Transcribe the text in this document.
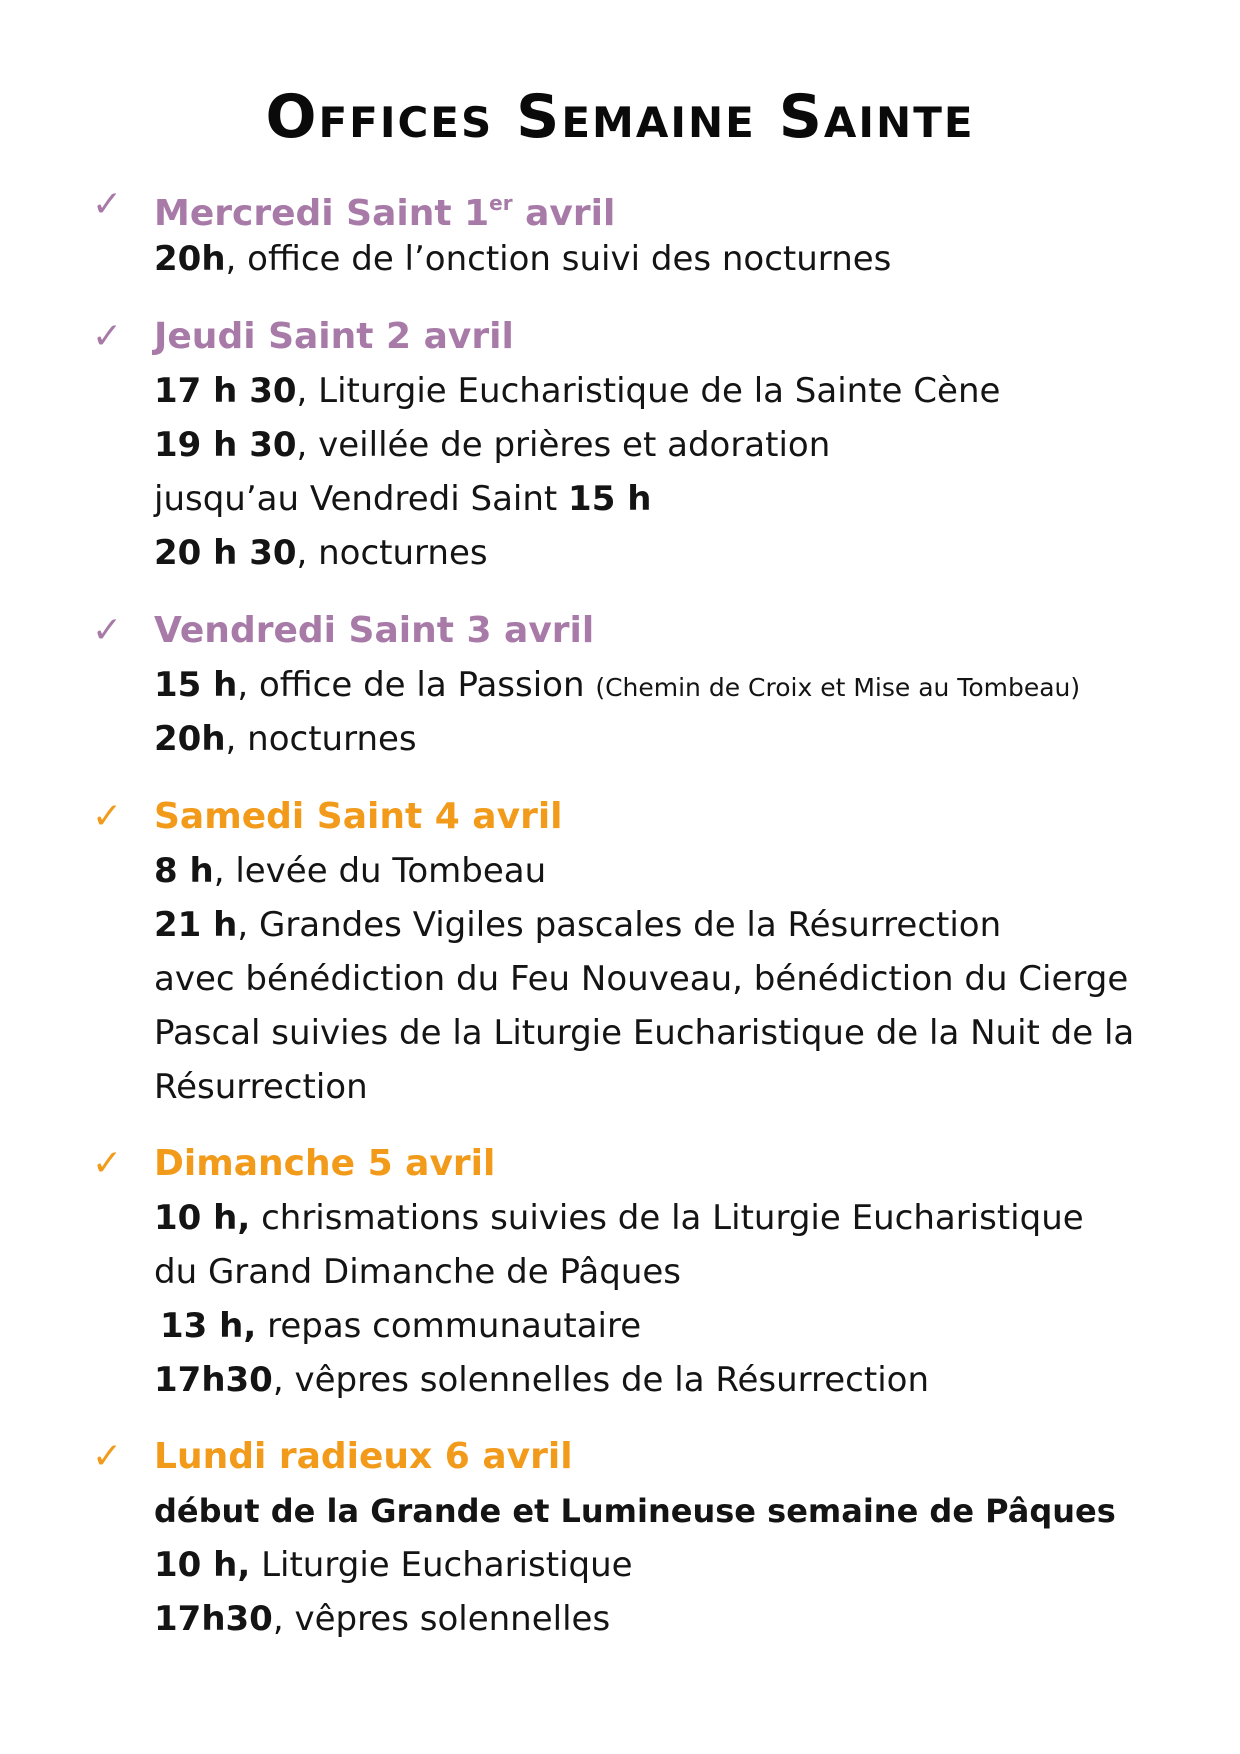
Offices Semaine Sainte
✓ Mercredi Saint 1er avril
20h, office de l’onction suivi des nocturnes
✓ Jeudi Saint 2 avril
17 h 30, Liturgie Eucharistique de la Sainte Cène
19 h 30, veillée de prières et adoration
jusqu’au Vendredi Saint 15 h
20 h 30, nocturnes
✓ Vendredi Saint 3 avril
15 h, office de la Passion (Chemin de Croix et Mise au Tombeau)
20h, nocturnes
✓ Samedi Saint 4 avril
8 h, levée du Tombeau
21 h, Grandes Vigiles pascales de la Résurrection
avec bénédiction du Feu Nouveau, bénédiction du Cierge
Pascal suivies de la Liturgie Eucharistique de la Nuit de la
Résurrection
✓ Dimanche 5 avril
10 h, chrismations suivies de la Liturgie Eucharistique
du Grand Dimanche de Pâques
13 h, repas communautaire
17h30, vêpres solennelles de la Résurrection
✓ Lundi radieux 6 avril
début de la Grande et Lumineuse semaine de Pâques
10 h, Liturgie Eucharistique
17h30, vêpres solennelles
